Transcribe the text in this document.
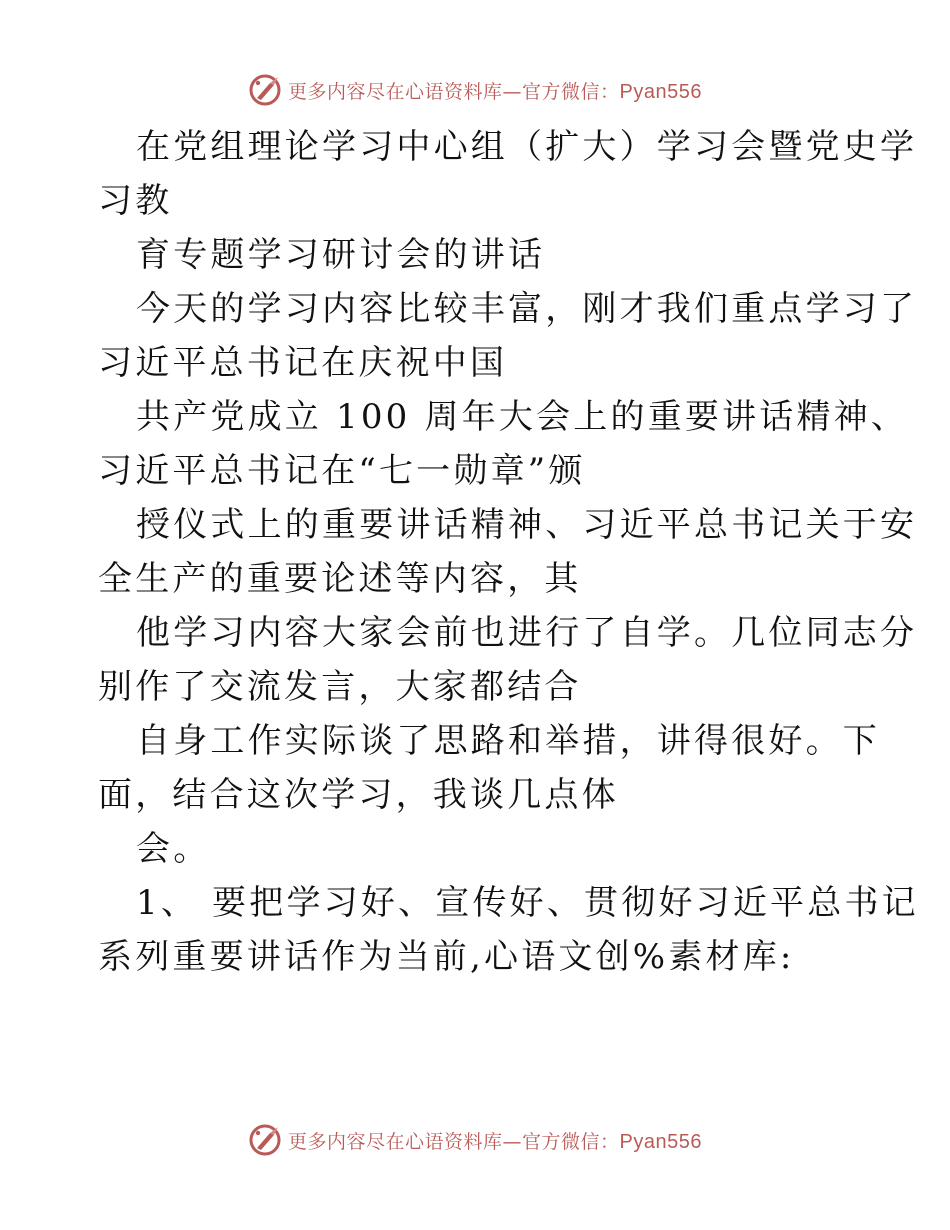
更多内容尽在心语资料库—官方微信：Pyan556

在党组理论学习中心组（扩大）学习会暨党史学
习教

育专题学习研讨会的讲话

今天的学习内容比较丰富，刚才我们重点学习了
习近平总书记在庆祝中国

共产党成立 100 周年大会上的重要讲话精神、
习近平总书记在“七一勋章”颁

授仪式上的重要讲话精神、习近平总书记关于安
全生产的重要论述等内容，其

他学习内容大家会前也进行了自学。几位同志分
别作了交流发言，大家都结合

自身工作实际谈了思路和举措，讲得很好。下
面，结合这次学习，我谈几点体

会。

1、 要把学习好、宣传好、贯彻好习近平总书记
系列重要讲话作为当前,心语文创%素材库:

更多内容尽在心语资料库—官方微信：Pyan556
